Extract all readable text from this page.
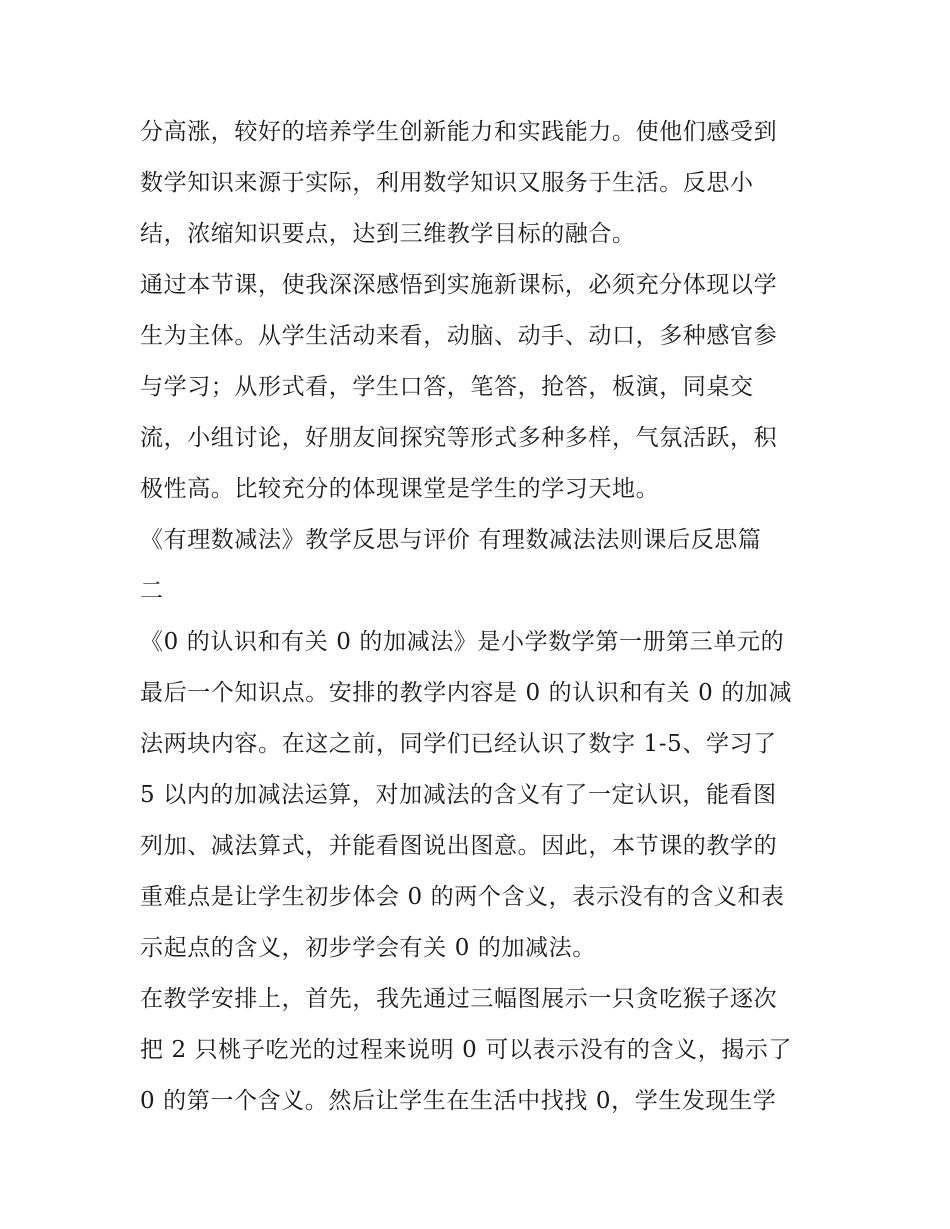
分高涨，较好的培养学生创新能力和实践能力。使他们感受到
数学知识来源于实际，利用数学知识又服务于生活。反思小
结，浓缩知识要点，达到三维教学目标的融合。

通过本节课，使我深深感悟到实施新课标，必须充分体现以学
生为主体。从学生活动来看，动脑、动手、动口，多种感官参
与学习；从形式看，学生口答，笔答，抢答，板演，同桌交
流，小组讨论，好朋友间探究等形式多种多样，气氛活跃，积
极性高。比较充分的体现课堂是学生的学习天地。

《有理数减法》教学反思与评价 有理数减法法则课后反思篇
二

《0 的认识和有关 0 的加减法》是小学数学第一册第三单元的
最后一个知识点。安排的教学内容是 0 的认识和有关 0 的加减
法两块内容。在这之前，同学们已经认识了数字 1-5、学习了
5 以内的加减法运算，对加减法的含义有了一定认识，能看图
列加、减法算式，并能看图说出图意。因此，本节课的教学的
重难点是让学生初步体会 0 的两个含义，表示没有的含义和表
示起点的含义，初步学会有关 0 的加减法。

在教学安排上，首先，我先通过三幅图展示一只贪吃猴子逐次
把 2 只桃子吃光的过程来说明 0 可以表示没有的含义，揭示了
0 的第一个含义。然后让学生在生活中找找 0，学生发现生学
